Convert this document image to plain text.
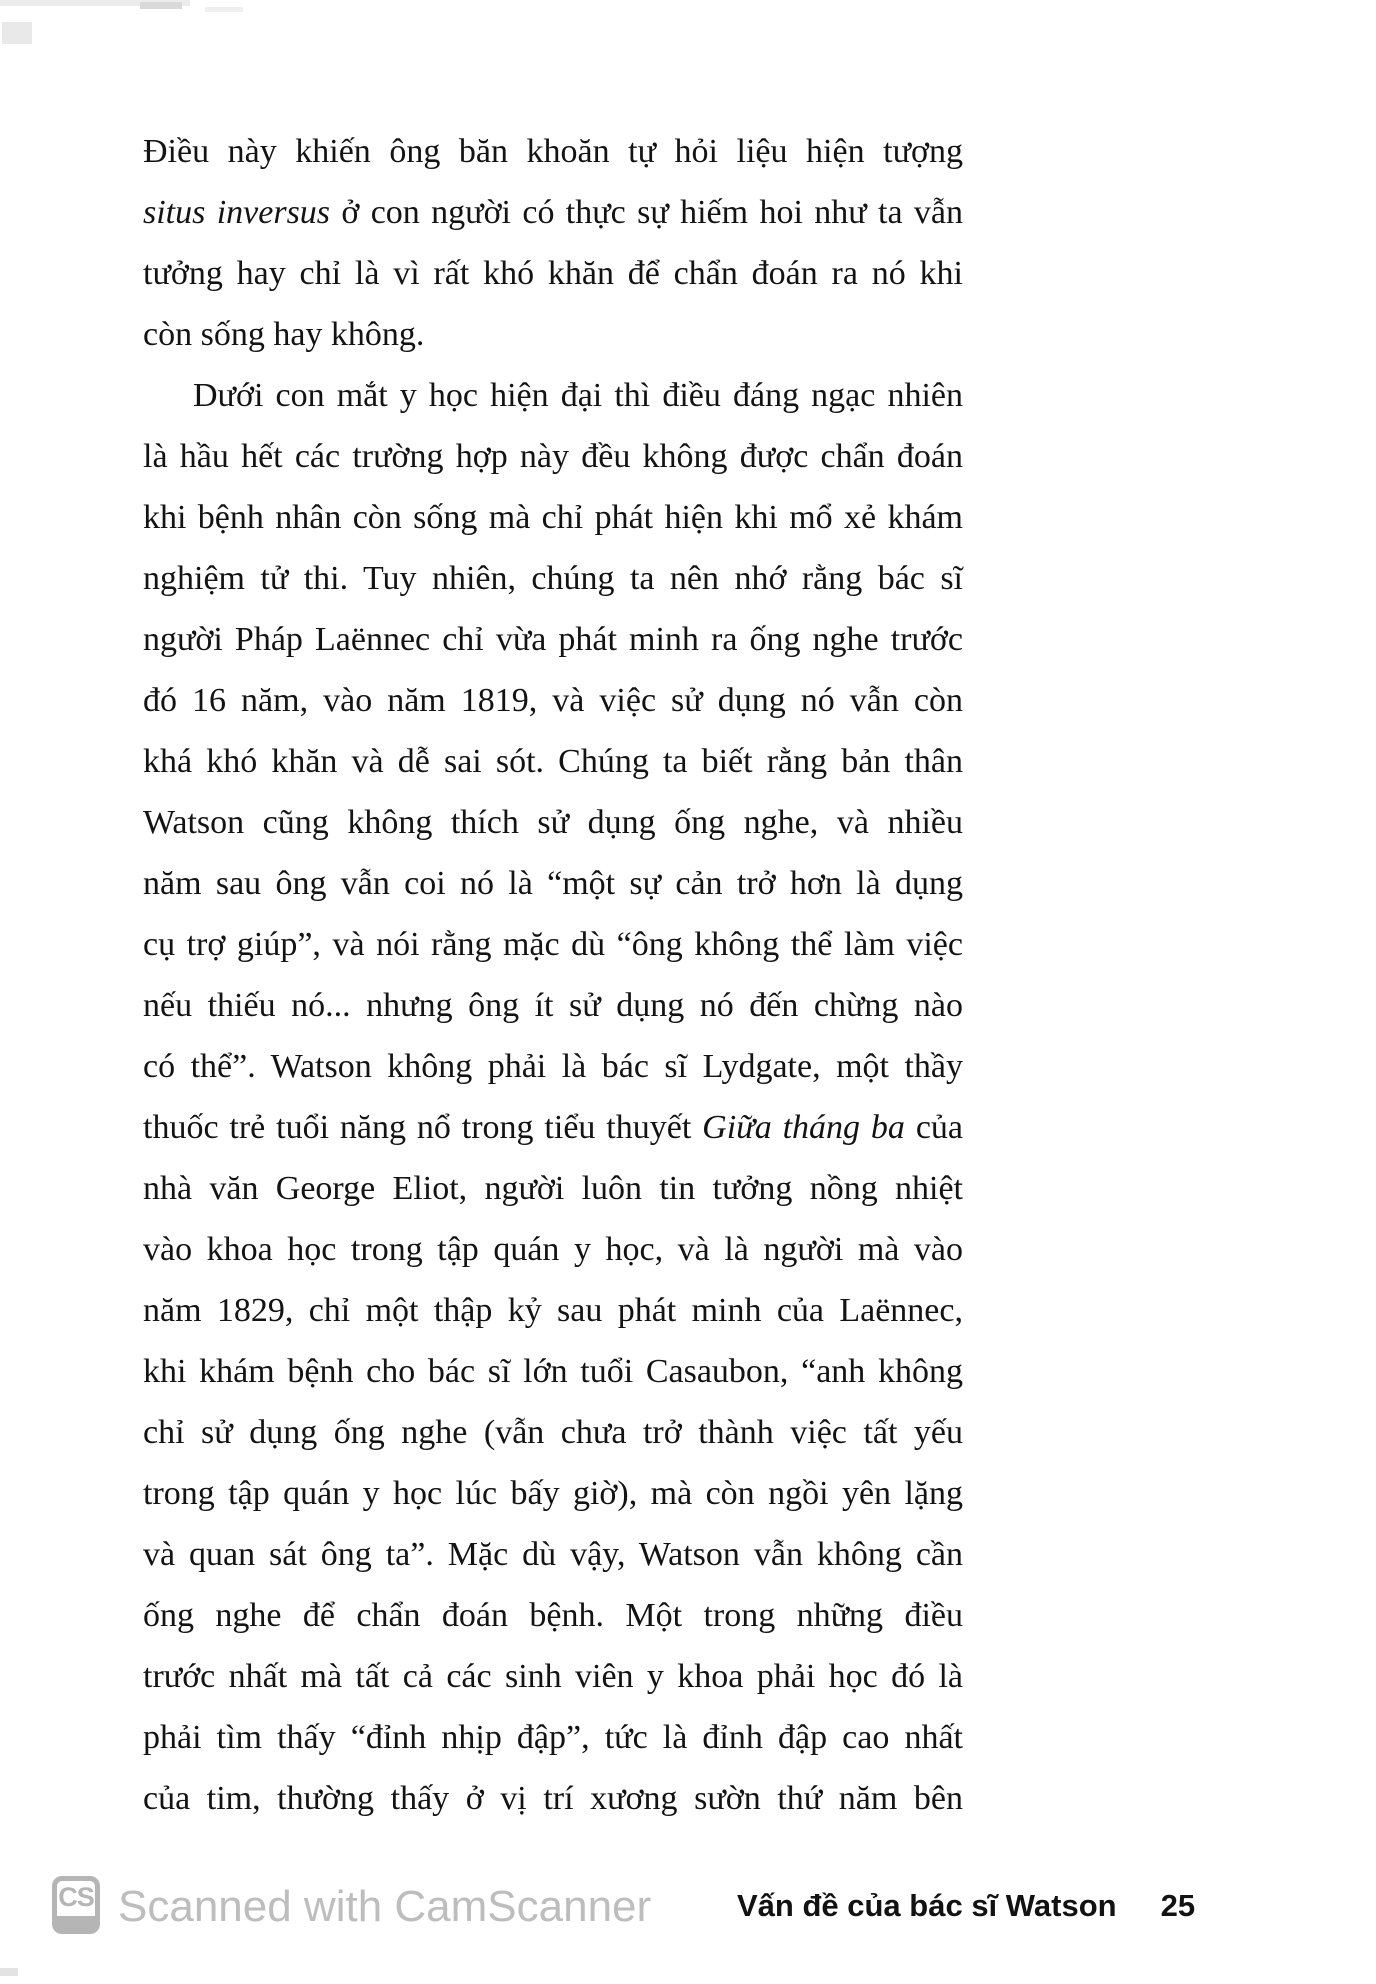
Điều này khiến ông băn khoăn tự hỏi liệu hiện tượng
situs inversus ở con người có thực sự hiếm hoi như ta vẫn
tưởng hay chỉ là vì rất khó khăn để chẩn đoán ra nó khi
còn sống hay không.
Dưới con mắt y học hiện đại thì điều đáng ngạc nhiên
là hầu hết các trường hợp này đều không được chẩn đoán
khi bệnh nhân còn sống mà chỉ phát hiện khi mổ xẻ khám
nghiệm tử thi. Tuy nhiên, chúng ta nên nhớ rằng bác sĩ
người Pháp Laënnec chỉ vừa phát minh ra ống nghe trước
đó 16 năm, vào năm 1819, và việc sử dụng nó vẫn còn
khá khó khăn và dễ sai sót. Chúng ta biết rằng bản thân
Watson cũng không thích sử dụng ống nghe, và nhiều
năm sau ông vẫn coi nó là “một sự cản trở hơn là dụng
cụ trợ giúp”, và nói rằng mặc dù “ông không thể làm việc
nếu thiếu nó... nhưng ông ít sử dụng nó đến chừng nào
có thể”. Watson không phải là bác sĩ Lydgate, một thầy
thuốc trẻ tuổi năng nổ trong tiểu thuyết Giữa tháng ba của
nhà văn George Eliot, người luôn tin tưởng nồng nhiệt
vào khoa học trong tập quán y học, và là người mà vào
năm 1829, chỉ một thập kỷ sau phát minh của Laënnec,
khi khám bệnh cho bác sĩ lớn tuổi Casaubon, “anh không
chỉ sử dụng ống nghe (vẫn chưa trở thành việc tất yếu
trong tập quán y học lúc bấy giờ), mà còn ngồi yên lặng
và quan sát ông ta”. Mặc dù vậy, Watson vẫn không cần
ống nghe để chẩn đoán bệnh. Một trong những điều
trước nhất mà tất cả các sinh viên y khoa phải học đó là
phải tìm thấy “đỉnh nhịp đập”, tức là đỉnh đập cao nhất
của tim, thường thấy ở vị trí xương sườn thứ năm bên
CS Scanned with CamScanner	Vấn đề của bác sĩ Watson 25
